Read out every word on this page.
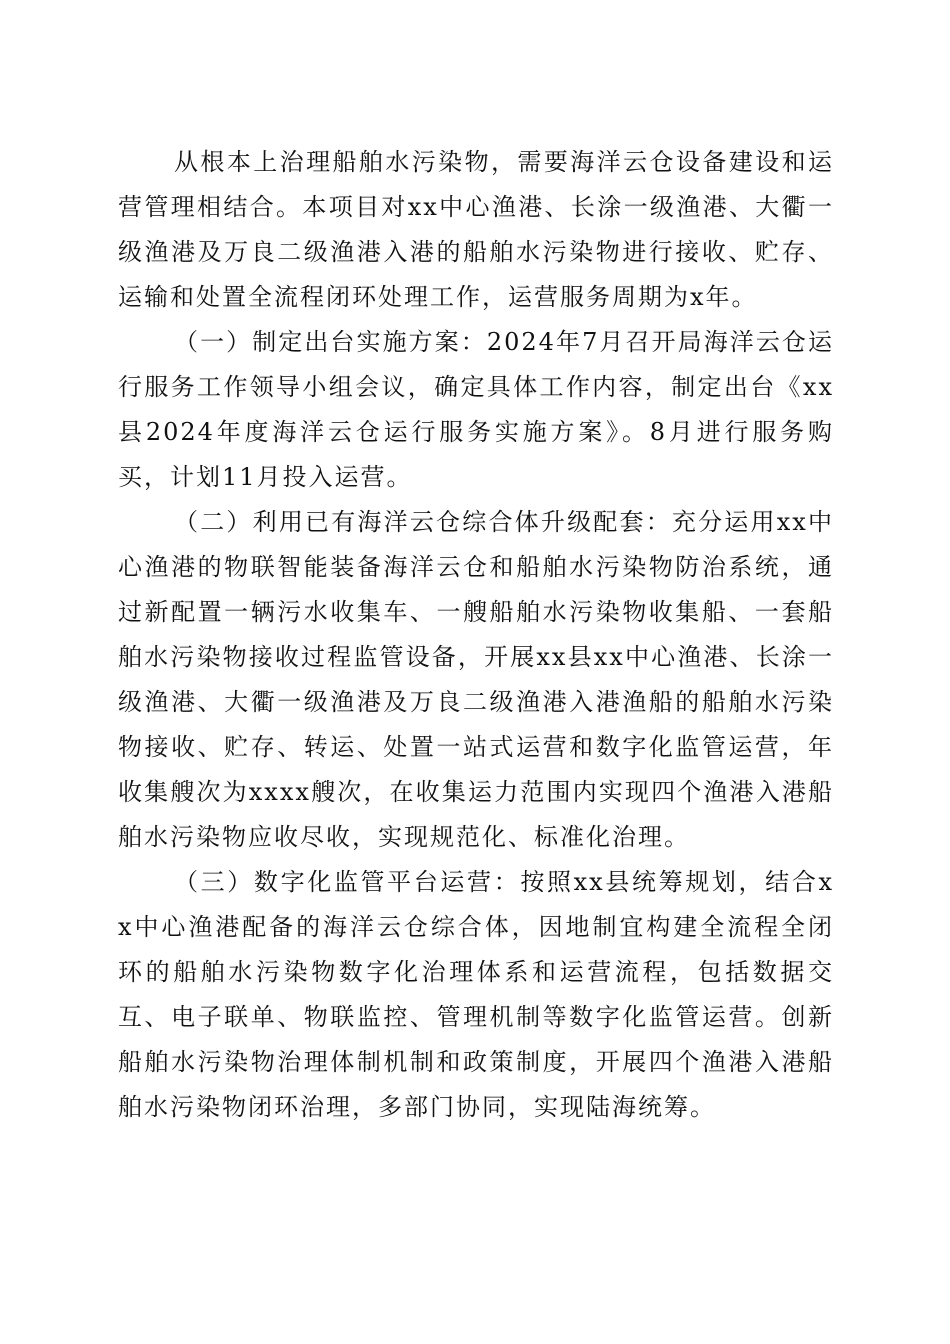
从根本上治理船舶水污染物，需要海洋云仓设备建设和运营管理相结合。本项目对xx中心渔港、长涂一级渔港、大衢一级渔港及万良二级渔港入港的船舶水污染物进行接收、贮存、运输和处置全流程闭环处理工作，运营服务周期为x年。

（一）制定出台实施方案：2024年7月召开局海洋云仓运行服务工作领导小组会议，确定具体工作内容，制定出台《xx县2024年度海洋云仓运行服务实施方案》。8月进行服务购买，计划11月投入运营。

（二）利用已有海洋云仓综合体升级配套：充分运用xx中心渔港的物联智能装备海洋云仓和船舶水污染物防治系统，通过新配置一辆污水收集车、一艘船舶水污染物收集船、一套船舶水污染物接收过程监管设备，开展xx县xx中心渔港、长涂一级渔港、大衢一级渔港及万良二级渔港入港渔船的船舶水污染物接收、贮存、转运、处置一站式运营和数字化监管运营，年收集艘次为xxxx艘次，在收集运力范围内实现四个渔港入港船舶水污染物应收尽收，实现规范化、标准化治理。

（三）数字化监管平台运营：按照xx县统筹规划，结合xx中心渔港配备的海洋云仓综合体，因地制宜构建全流程全闭环的船舶水污染物数字化治理体系和运营流程，包括数据交互、电子联单、物联监控、管理机制等数字化监管运营。创新船舶水污染物治理体制机制和政策制度，开展四个渔港入港船舶水污染物闭环治理，多部门协同，实现陆海统筹。
